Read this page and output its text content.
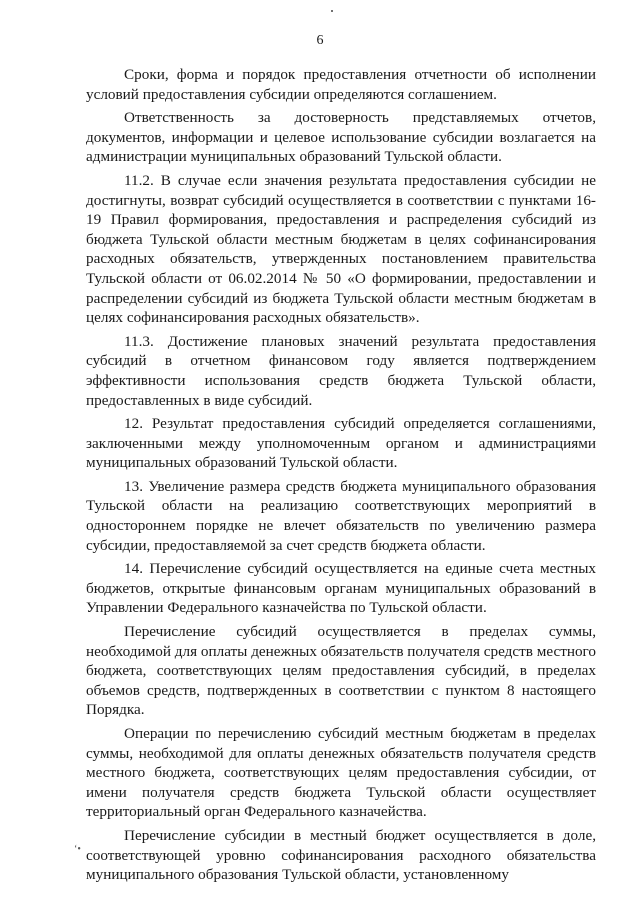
6

Сроки, форма и порядок предоставления отчетности об исполнении условий предоставления субсидии определяются соглашением.

Ответственность за достоверность представляемых отчетов, документов, информации и целевое использование субсидии возлагается на администрации муниципальных образований Тульской области.

11.2. В случае если значения результата предоставления субсидии не достигнуты, возврат субсидий осуществляется в соответствии с пунктами 16-19 Правил формирования, предоставления и распределения субсидий из бюджета Тульской области местным бюджетам в целях софинансирования расходных обязательств, утвержденных постановлением правительства Тульской области от 06.02.2014 № 50 «О формировании, предоставлении и распределении субсидий из бюджета Тульской области местным бюджетам в целях софинансирования расходных обязательств».

11.3. Достижение плановых значений результата предоставления субсидий в отчетном финансовом году является подтверждением эффективности использования средств бюджета Тульской области, предоставленных в виде субсидий.

12. Результат предоставления субсидий определяется соглашениями, заключенными между уполномоченным органом и администрациями муниципальных образований Тульской области.

13. Увеличение размера средств бюджета муниципального образования Тульской области на реализацию соответствующих мероприятий в одностороннем порядке не влечет обязательств по увеличению размера субсидии, предоставляемой за счет средств бюджета области.

14. Перечисление субсидий осуществляется на единые счета местных бюджетов, открытые финансовым органам муниципальных образований в Управлении Федерального казначейства по Тульской области.

Перечисление субсидий осуществляется в пределах суммы, необходимой для оплаты денежных обязательств получателя средств местного бюджета, соответствующих целям предоставления субсидий, в пределах объемов средств, подтвержденных в соответствии с пунктом 8 настоящего Порядка.

Операции по перечислению субсидий местным бюджетам в пределах суммы, необходимой для оплаты денежных обязательств получателя средств местного бюджета, соответствующих целям предоставления субсидии, от имени получателя средств бюджета Тульской области осуществляет территориальный орган Федерального казначейства.

Перечисление субсидии в местный бюджет осуществляется в доле, соответствующей уровню софинансирования расходного обязательства муниципального образования Тульской области, установленному

ʻ•
